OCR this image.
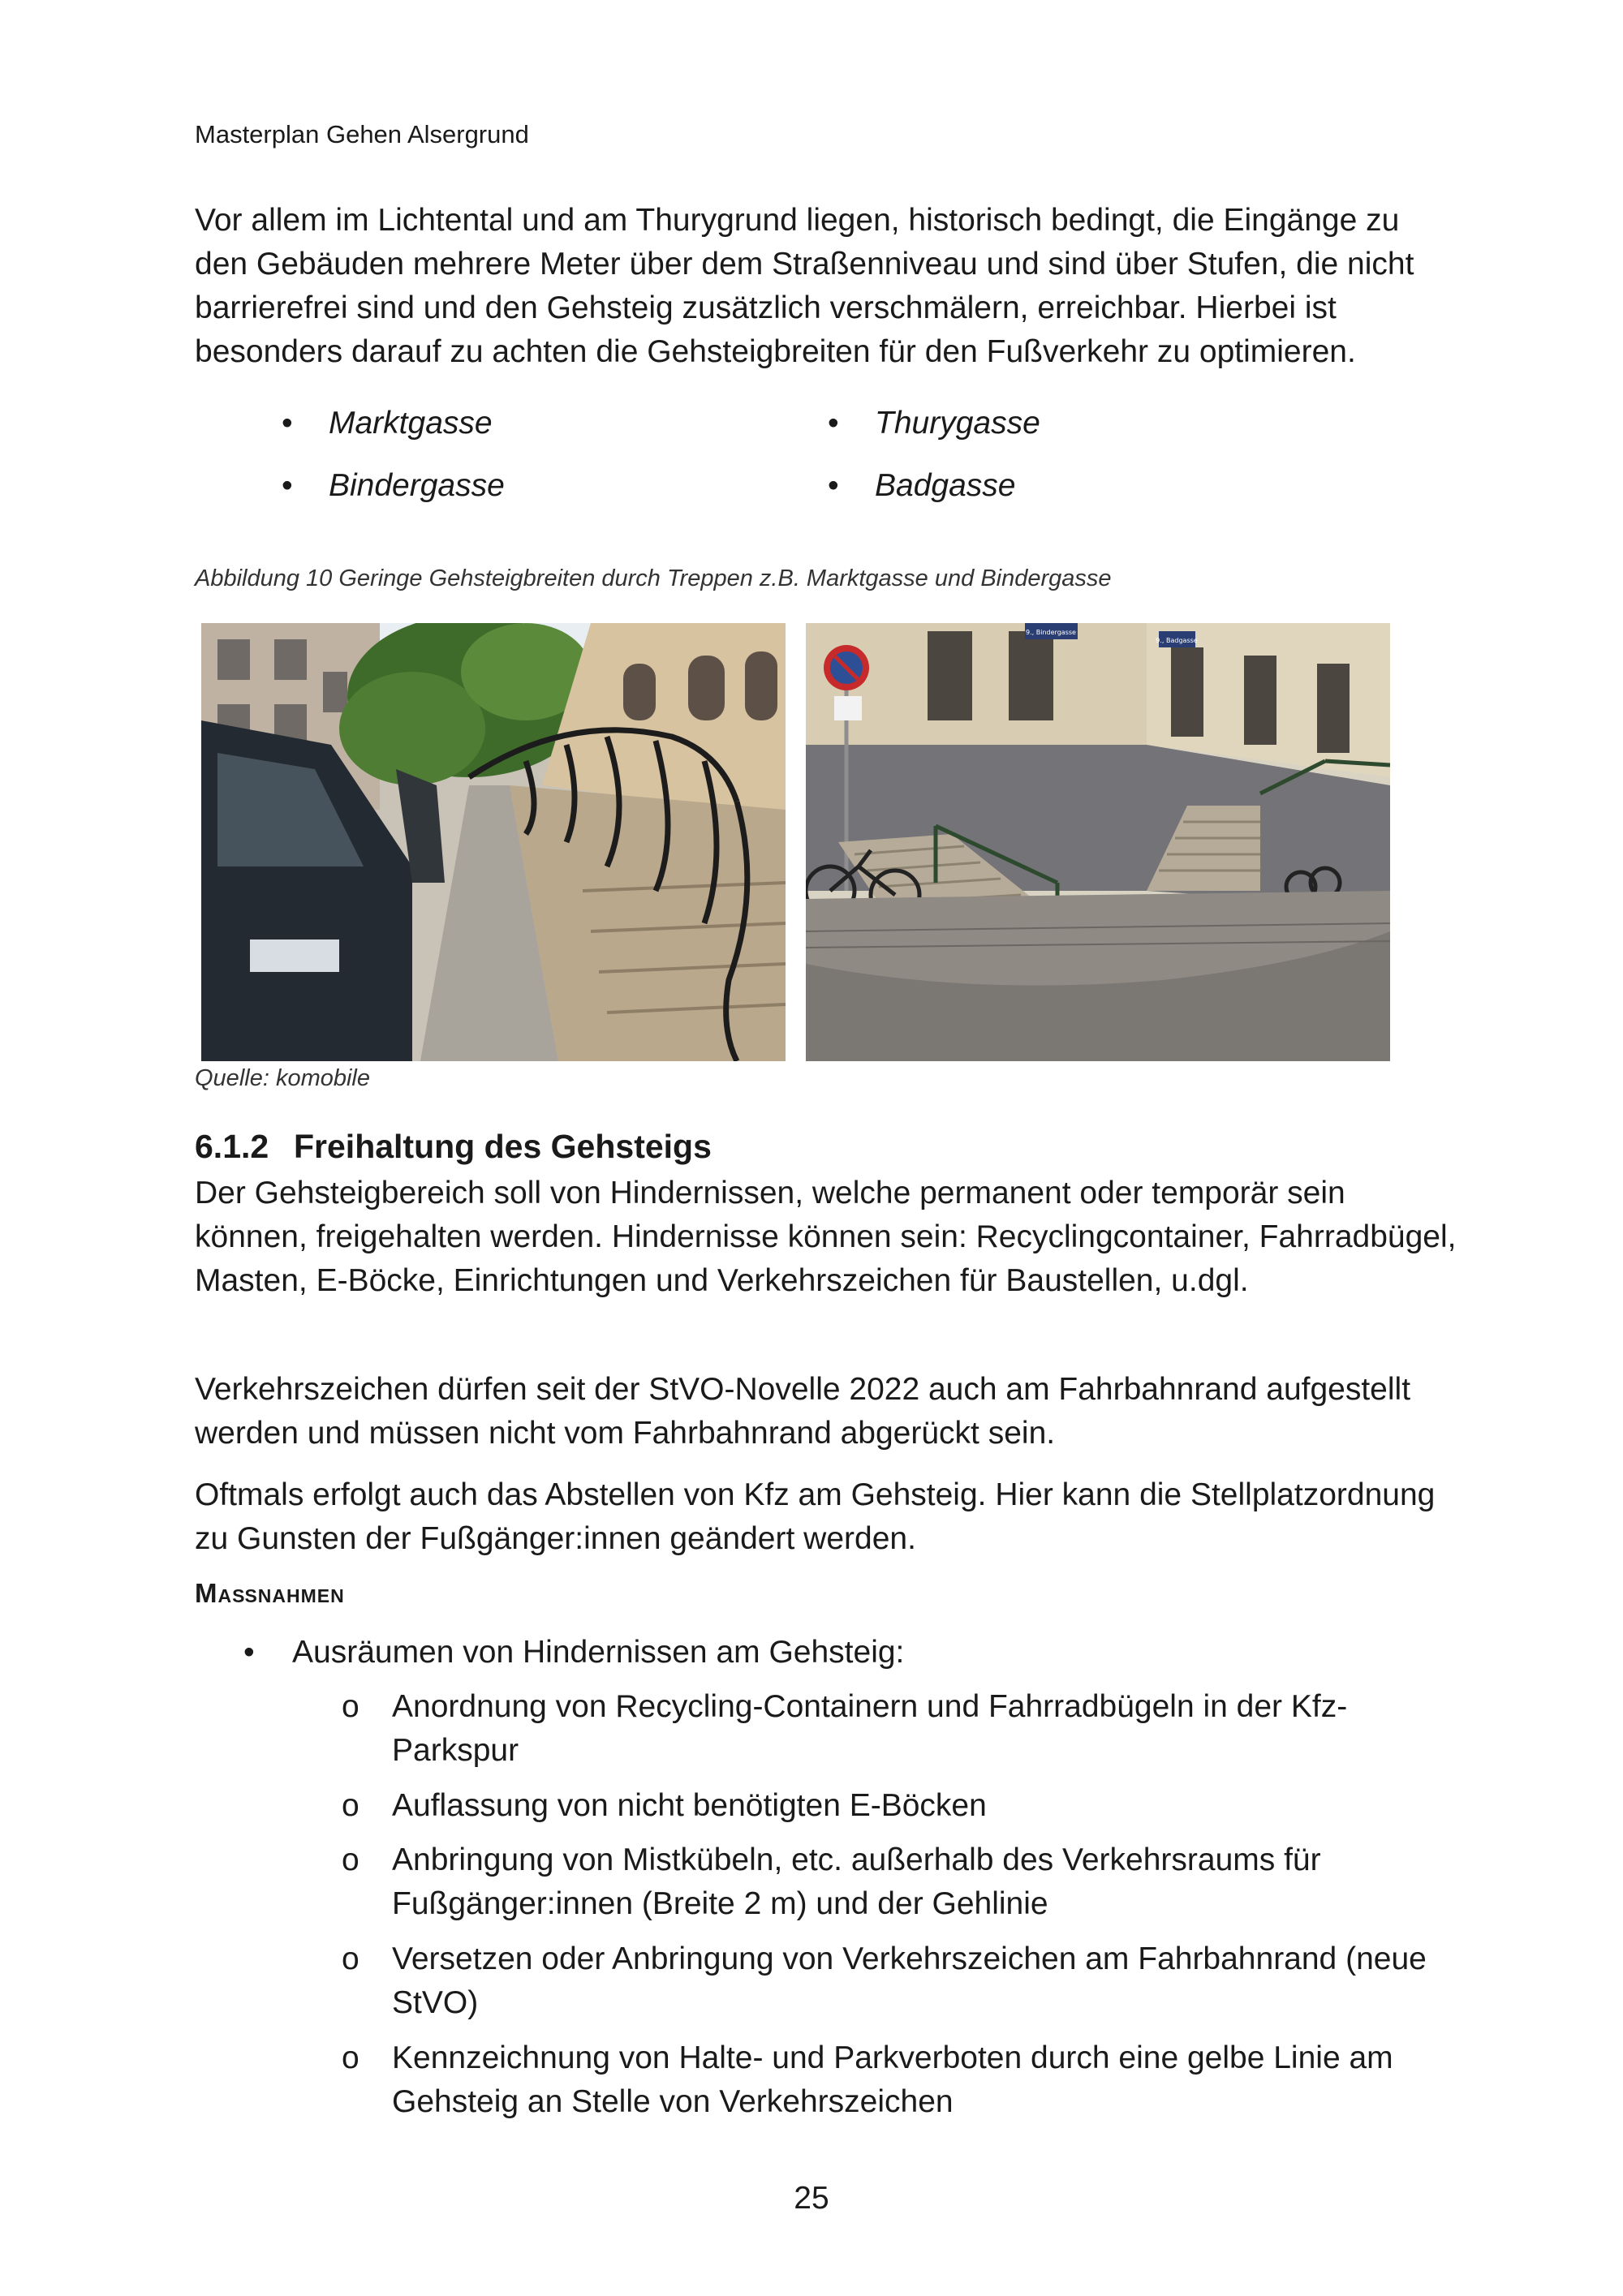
Masterplan Gehen Alsergrund

Vor allem im Lichtental und am Thurygrund liegen, historisch bedingt, die Eingänge zu den Gebäuden mehrere Meter über dem Straßenniveau und sind über Stufen, die nicht barrierefrei sind und den Gehsteig zusätzlich verschmälern, erreichbar. Hierbei ist besonders darauf zu achten die Gehsteigbreiten für den Fußverkehr zu optimieren.

• Marktgasse
• Bindergasse
• Thurygasse
• Badgasse
Abbildung 10 Geringe Gehsteigbreiten durch Treppen z.B. Marktgasse und Bindergasse
9., Bindergasse
9., Badgasse
Quelle: komobile
6.1.2 Freihaltung des Gehsteigs

Der Gehsteigbereich soll von Hindernissen, welche permanent oder temporär sein können, freigehalten werden. Hindernisse können sein: Recyclingcontainer, Fahrradbügel, Masten, E-Böcke, Einrichtungen und Verkehrszeichen für Baustellen, u.dgl.

Verkehrszeichen dürfen seit der StVO-Novelle 2022 auch am Fahrbahnrand aufgestellt werden und müssen nicht vom Fahrbahnrand abgerückt sein.

Oftmals erfolgt auch das Abstellen von Kfz am Gehsteig. Hier kann die Stellplatzordnung zu Gunsten der Fußgänger:innen geändert werden.

Maßnahmen
• Ausräumen von Hindernissen am Gehsteig:
o Anordnung von Recycling-Containern und Fahrradbügeln in der Kfz-Parkspur
o Auflassung von nicht benötigten E-Böcken
o Anbringung von Mistkübeln, etc. außerhalb des Verkehrsraums für Fußgänger:innen (Breite 2 m) und der Gehlinie
o Versetzen oder Anbringung von Verkehrszeichen am Fahrbahnrand (neue StVO)
o Kennzeichnung von Halte- und Parkverboten durch eine gelbe Linie am Gehsteig an Stelle von Verkehrszeichen
25
